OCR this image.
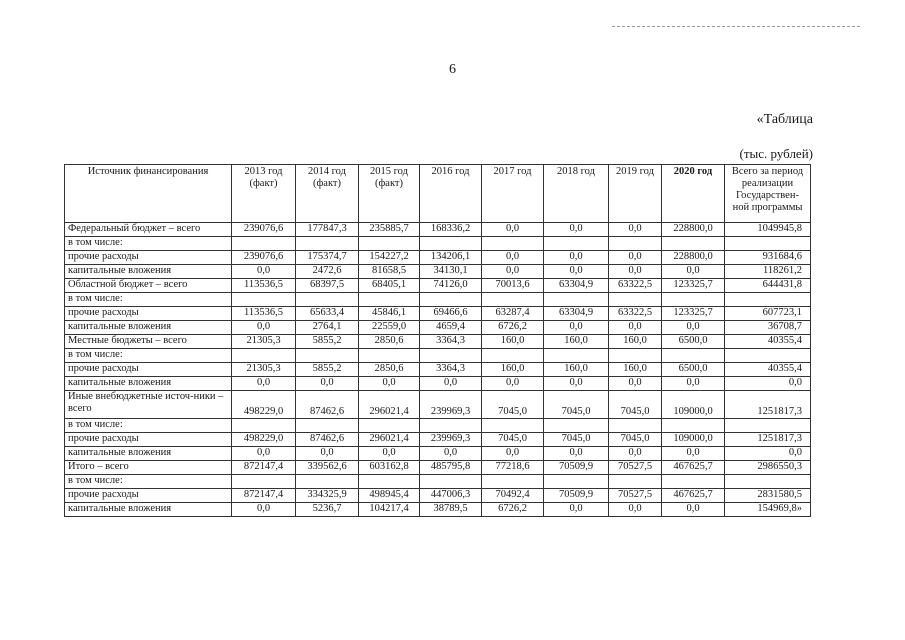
6
«Таблица
(тыс. рублей)
Источник финансирования	2013 год (факт)	2014 год (факт)	2015 год (факт)	2016 год	2017 год	2018 год	2019 год	2020 год	Всего за период реализации Государствен-ной программы
Федеральный бюджет – всего	239076,6	177847,3	235885,7	168336,2	0,0	0,0	0,0	228800,0	1049945,8
в том числе:									
прочие расходы	239076,6	175374,7	154227,2	134206,1	0,0	0,0	0,0	228800,0	931684,6
капитальные вложения	0,0	2472,6	81658,5	34130,1	0,0	0,0	0,0	0,0	118261,2
Областной бюджет – всего	113536,5	68397,5	68405,1	74126,0	70013,6	63304,9	63322,5	123325,7	644431,8
в том числе:									
прочие расходы	113536,5	65633,4	45846,1	69466,6	63287,4	63304,9	63322,5	123325,7	607723,1
капитальные вложения	0,0	2764,1	22559,0	4659,4	6726,2	0,0	0,0	0,0	36708,7
Местные бюджеты – всего	21305,3	5855,2	2850,6	3364,3	160,0	160,0	160,0	6500,0	40355,4
в том числе:									
прочие расходы	21305,3	5855,2	2850,6	3364,3	160,0	160,0	160,0	6500,0	40355,4
капитальные вложения	0,0	0,0	0,0	0,0	0,0	0,0	0,0	0,0	0,0
Иные внебюджетные источ-ники – всего	498229,0	87462,6	296021,4	239969,3	7045,0	7045,0	7045,0	109000,0	1251817,3
в том числе:									
прочие расходы	498229,0	87462,6	296021,4	239969,3	7045,0	7045,0	7045,0	109000,0	1251817,3
капитальные вложения	0,0	0,0	0,0	0,0	0,0	0,0	0,0	0,0	0,0
Итого – всего	872147,4	339562,6	603162,8	485795,8	77218,6	70509,9	70527,5	467625,7	2986550,3
в том числе:									
прочие расходы	872147,4	334325,9	498945,4	447006,3	70492,4	70509,9	70527,5	467625,7	2831580,5
капитальные вложения	0,0	5236,7	104217,4	38789,5	6726,2	0,0	0,0	0,0	154969,8»
